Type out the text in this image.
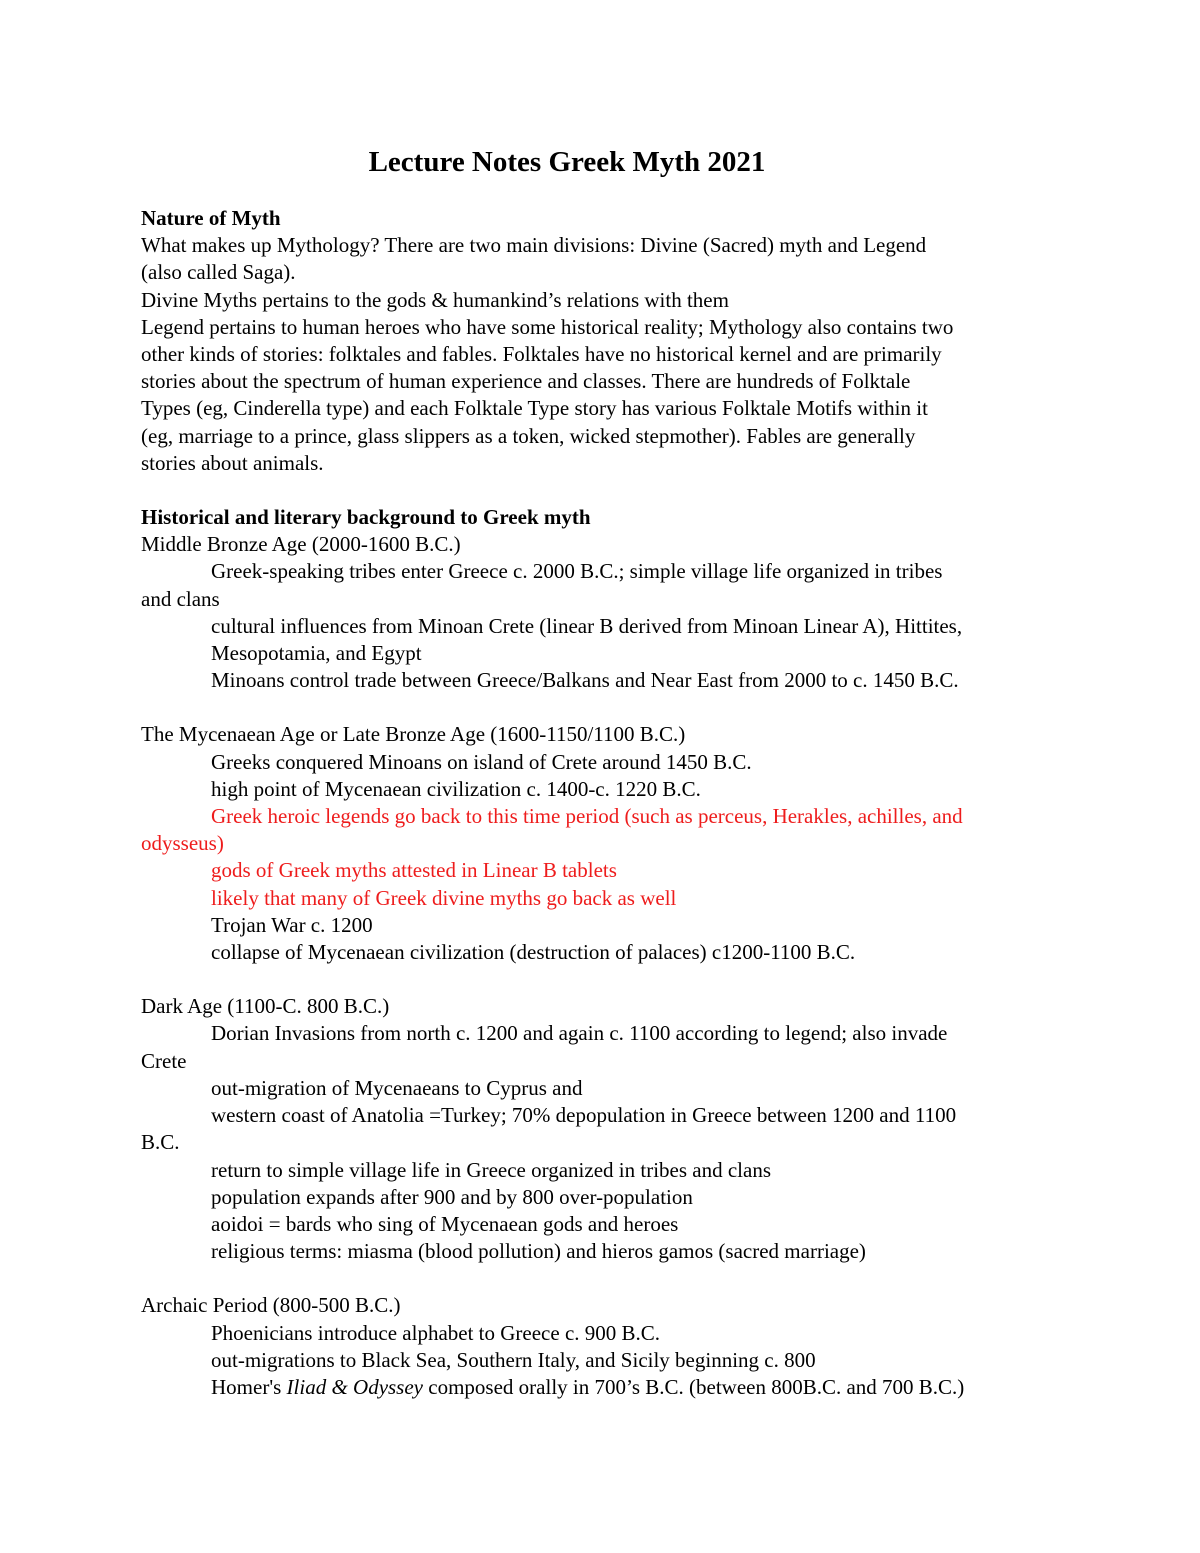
Lecture Notes Greek Myth 2021
Nature of Myth
What makes up Mythology? There are two main divisions: Divine (Sacred) myth and Legend
(also called Saga).
Divine Myths pertains to the gods & humankind’s relations with them
Legend pertains to human heroes who have some historical reality; Mythology also contains two
other kinds of stories: folktales and fables. Folktales have no historical kernel and are primarily
stories about the spectrum of human experience and classes. There are hundreds of Folktale
Types (eg, Cinderella type) and each Folktale Type story has various Folktale Motifs within it
(eg, marriage to a prince, glass slippers as a token, wicked stepmother). Fables are generally
stories about animals.
Historical and literary background to Greek myth
Middle Bronze Age (2000-1600 B.C.)
Greek-speaking tribes enter Greece c. 2000 B.C.; simple village life organized in tribes
and clans
cultural influences from Minoan Crete (linear B derived from Minoan Linear A), Hittites,
Mesopotamia, and Egypt
Minoans control trade between Greece/Balkans and Near East from 2000 to c. 1450 B.C.
The Mycenaean Age or Late Bronze Age (1600-1150/1100 B.C.)
Greeks conquered Minoans on island of Crete around 1450 B.C.
high point of Mycenaean civilization c. 1400-c. 1220 B.C.
Greek heroic legends go back to this time period (such as perceus, Herakles, achilles, and
odysseus)
gods of Greek myths attested in Linear B tablets
likely that many of Greek divine myths go back as well
Trojan War c. 1200
collapse of Mycenaean civilization (destruction of palaces) c1200-1100 B.C.
Dark Age (1100-C. 800 B.C.)
Dorian Invasions from north c. 1200 and again c. 1100 according to legend; also invade
Crete
out-migration of Mycenaeans to Cyprus and
western coast of Anatolia =Turkey; 70% depopulation in Greece between 1200 and 1100
B.C.
return to simple village life in Greece organized in tribes and clans
population expands after 900 and by 800 over-population
aoidoi = bards who sing of Mycenaean gods and heroes
religious terms: miasma (blood pollution) and hieros gamos (sacred marriage)
Archaic Period (800-500 B.C.)
Phoenicians introduce alphabet to Greece c. 900 B.C.
out-migrations to Black Sea, Southern Italy, and Sicily beginning c. 800
Homer's Iliad & Odyssey composed orally in 700’s B.C. (between 800B.C. and 700 B.C.)
